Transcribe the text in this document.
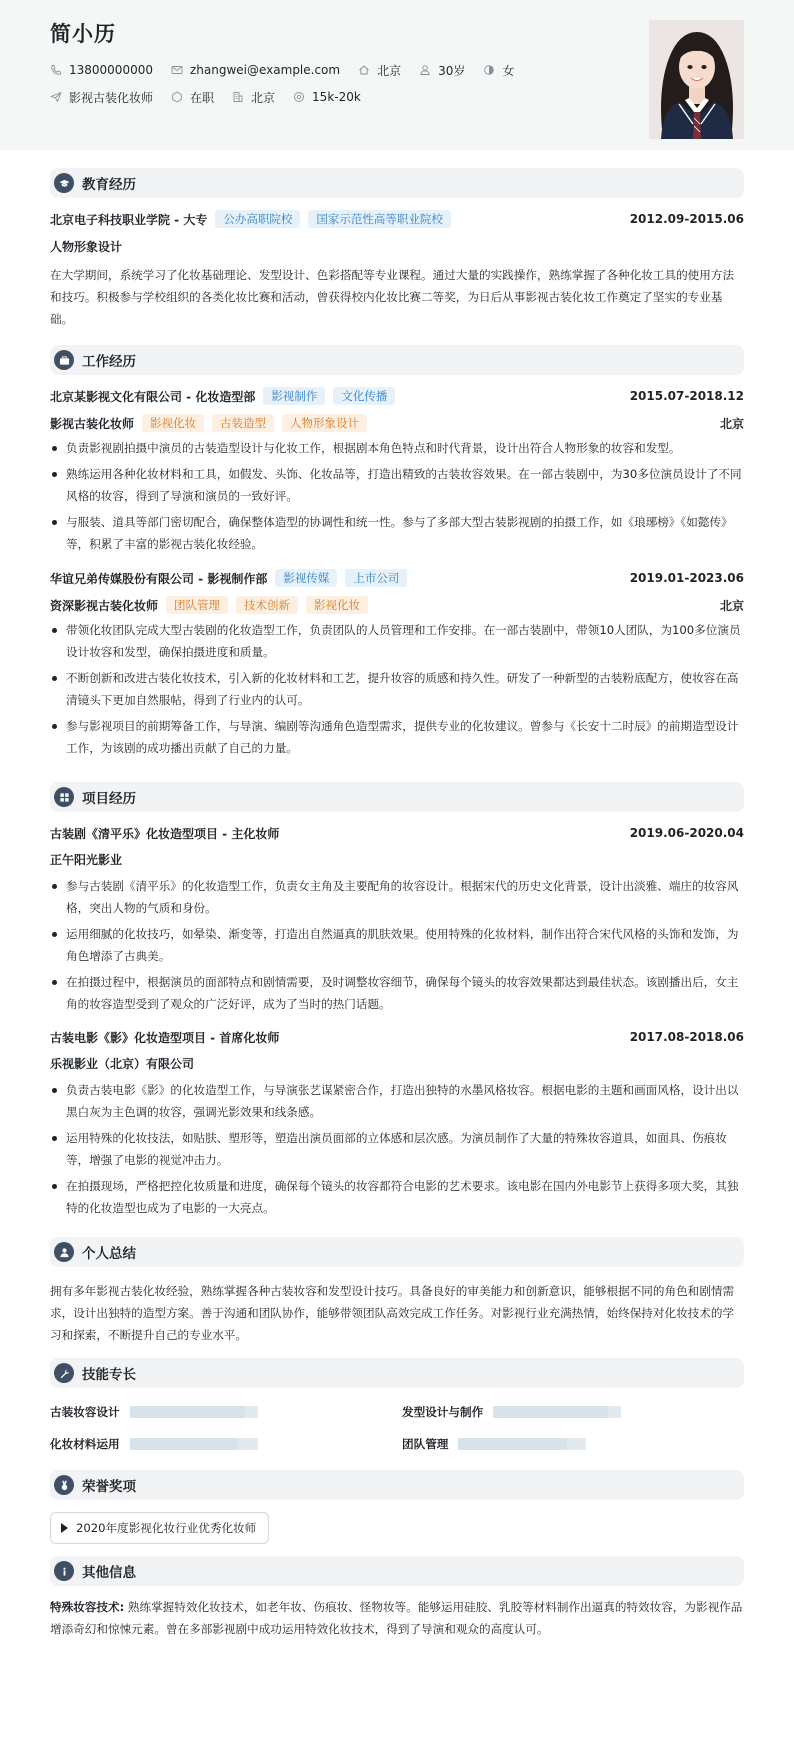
简小历
13800000000	zhangwei@example.com	北京	30岁	女
影视古装化妆师	在职	北京	15k-20k
教育经历
北京电子科技职业学院 - 大专	公办高职院校	国家示范性高等职业院校	2012.09-2015.06
人物形象设计
在大学期间，系统学习了化妆基础理论、发型设计、色彩搭配等专业课程。通过大量的实践操作，熟练掌握了各种化妆工具的使用方法和技巧。积极参与学校组织的各类化妆比赛和活动，曾获得校内化妆比赛二等奖，为日后从事影视古装化妆工作奠定了坚实的专业基础。
工作经历
北京某影视文化有限公司 - 化妆造型部	影视制作	文化传播	2015.07-2018.12
影视古装化妆师	影视化妆	古装造型	人物形象设计	北京
负责影视剧拍摄中演员的古装造型设计与化妆工作，根据剧本角色特点和时代背景，设计出符合人物形象的妆容和发型。
熟练运用各种化妆材料和工具，如假发、头饰、化妆品等，打造出精致的古装妆容效果。在一部古装剧中，为30多位演员设计了不同风格的妆容，得到了导演和演员的一致好评。
与服装、道具等部门密切配合，确保整体造型的协调性和统一性。参与了多部大型古装影视剧的拍摄工作，如《琅琊榜》《如懿传》等，积累了丰富的影视古装化妆经验。
华谊兄弟传媒股份有限公司 - 影视制作部	影视传媒	上市公司	2019.01-2023.06
资深影视古装化妆师	团队管理	技术创新	影视化妆	北京
带领化妆团队完成大型古装剧的化妆造型工作，负责团队的人员管理和工作安排。在一部古装剧中，带领10人团队，为100多位演员设计妆容和发型，确保拍摄进度和质量。
不断创新和改进古装化妆技术，引入新的化妆材料和工艺，提升妆容的质感和持久性。研发了一种新型的古装粉底配方，使妆容在高清镜头下更加自然服帖，得到了行业内的认可。
参与影视项目的前期筹备工作，与导演、编剧等沟通角色造型需求，提供专业的化妆建议。曾参与《长安十二时辰》的前期造型设计工作，为该剧的成功播出贡献了自己的力量。
项目经历
古装剧《清平乐》化妆造型项目 - 主化妆师	2019.06-2020.04
正午阳光影业
参与古装剧《清平乐》的化妆造型工作，负责女主角及主要配角的妆容设计。根据宋代的历史文化背景，设计出淡雅、端庄的妆容风格，突出人物的气质和身份。
运用细腻的化妆技巧，如晕染、渐变等，打造出自然逼真的肌肤效果。使用特殊的化妆材料，制作出符合宋代风格的头饰和发饰，为角色增添了古典美。
在拍摄过程中，根据演员的面部特点和剧情需要，及时调整妆容细节，确保每个镜头的妆容效果都达到最佳状态。该剧播出后，女主角的妆容造型受到了观众的广泛好评，成为了当时的热门话题。
古装电影《影》化妆造型项目 - 首席化妆师	2017.08-2018.06
乐视影业（北京）有限公司
负责古装电影《影》的化妆造型工作，与导演张艺谋紧密合作，打造出独特的水墨风格妆容。根据电影的主题和画面风格，设计出以黑白灰为主色调的妆容，强调光影效果和线条感。
运用特殊的化妆技法，如贴肤、塑形等，塑造出演员面部的立体感和层次感。为演员制作了大量的特殊妆容道具，如面具、伤痕妆等，增强了电影的视觉冲击力。
在拍摄现场，严格把控化妆质量和进度，确保每个镜头的妆容都符合电影的艺术要求。该电影在国内外电影节上获得多项大奖，其独特的化妆造型也成为了电影的一大亮点。
个人总结
拥有多年影视古装化妆经验，熟练掌握各种古装妆容和发型设计技巧。具备良好的审美能力和创新意识，能够根据不同的角色和剧情需求，设计出独特的造型方案。善于沟通和团队协作，能够带领团队高效完成工作任务。对影视行业充满热情，始终保持对化妆技术的学习和探索，不断提升自己的专业水平。
技能专长
古装妆容设计	发型设计与制作
化妆材料运用	团队管理
荣誉奖项
2020年度影视化妆行业优秀化妆师
其他信息
特殊妆容技术: 熟练掌握特效化妆技术，如老年妆、伤痕妆、怪物妆等。能够运用硅胶、乳胶等材料制作出逼真的特效妆容，为影视作品增添奇幻和惊悚元素。曾在多部影视剧中成功运用特效化妆技术，得到了导演和观众的高度认可。
